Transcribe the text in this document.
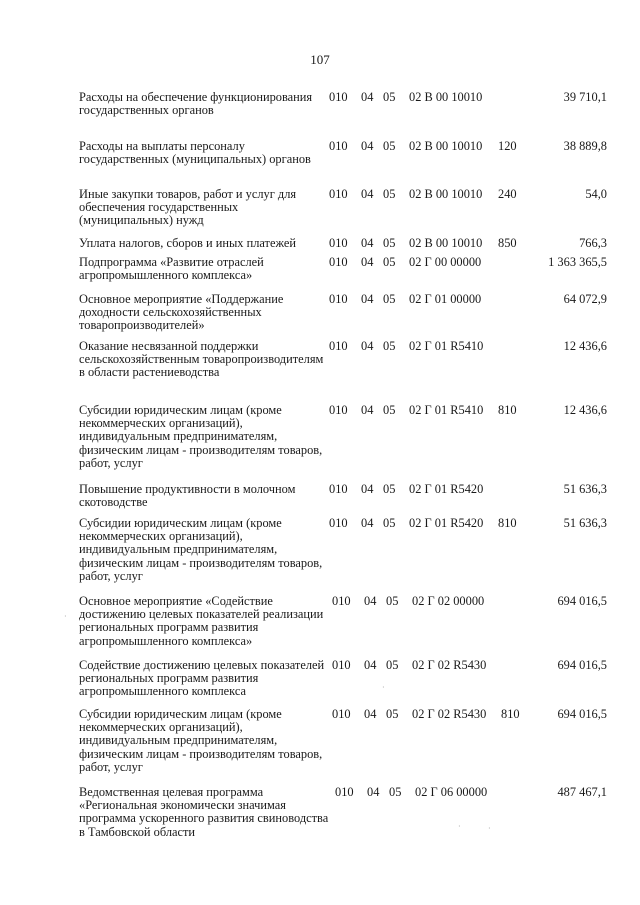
107
Расходы на обеспечение функционирования государственных органов
010 04 05 02 В 00 10010	39 710,1
Расходы на выплаты персоналу государственных (муниципальных) органов
010 04 05 02 В 00 10010 120	38 889,8
Иные закупки товаров, работ и услуг для обеспечения государственных (муниципальных) нужд
010 04 05 02 В 00 10010 240	54,0
Уплата налогов, сборов и иных платежей	010 04 05 02 В 00 10010 850	766,3
Подпрограмма «Развитие отраслей агропромышленного комплекса»
010 04 05 02 Г 00 00000	1 363 365,5
Основное мероприятие «Поддержание доходности сельскохозяйственных товаропроизводителей»
010 04 05 02 Г 01 00000	64 072,9
Оказание несвязанной поддержки сельскохозяйственным товаропроизводителям в области растениеводства
010 04 05 02 Г 01 R5410	12 436,6
Субсидии юридическим лицам (кроме некоммерческих организаций), индивидуальным предпринимателям, физическим лицам - производителям товаров, работ, услуг
010 04 05 02 Г 01 R5410 810	12 436,6
Повышение продуктивности в молочном скотоводстве
010 04 05 02 Г 01 R5420	51 636,3
Субсидии юридическим лицам (кроме некоммерческих организаций), индивидуальным предпринимателям, физическим лицам - производителям товаров, работ, услуг
010 04 05 02 Г 01 R5420 810	51 636,3
Основное мероприятие «Содействие достижению целевых показателей реализации региональных программ развития агропромышленного комплекса»
010 04 05 02 Г 02 00000	694 016,5
Содействие достижению целевых показателей региональных программ развития агропромышленного комплекса
010 04 05 02 Г 02 R5430	694 016,5
Субсидии юридическим лицам (кроме некоммерческих организаций), индивидуальным предпринимателям, физическим лицам - производителям товаров, работ, услуг
010 04 05 02 Г 02 R5430 810	694 016,5
Ведомственная целевая программа «Региональная экономически значимая программа ускоренного развития свиноводства в Тамбовской области
010 04 05 02 Г 06 00000	487 467,1
·
·
·	·
